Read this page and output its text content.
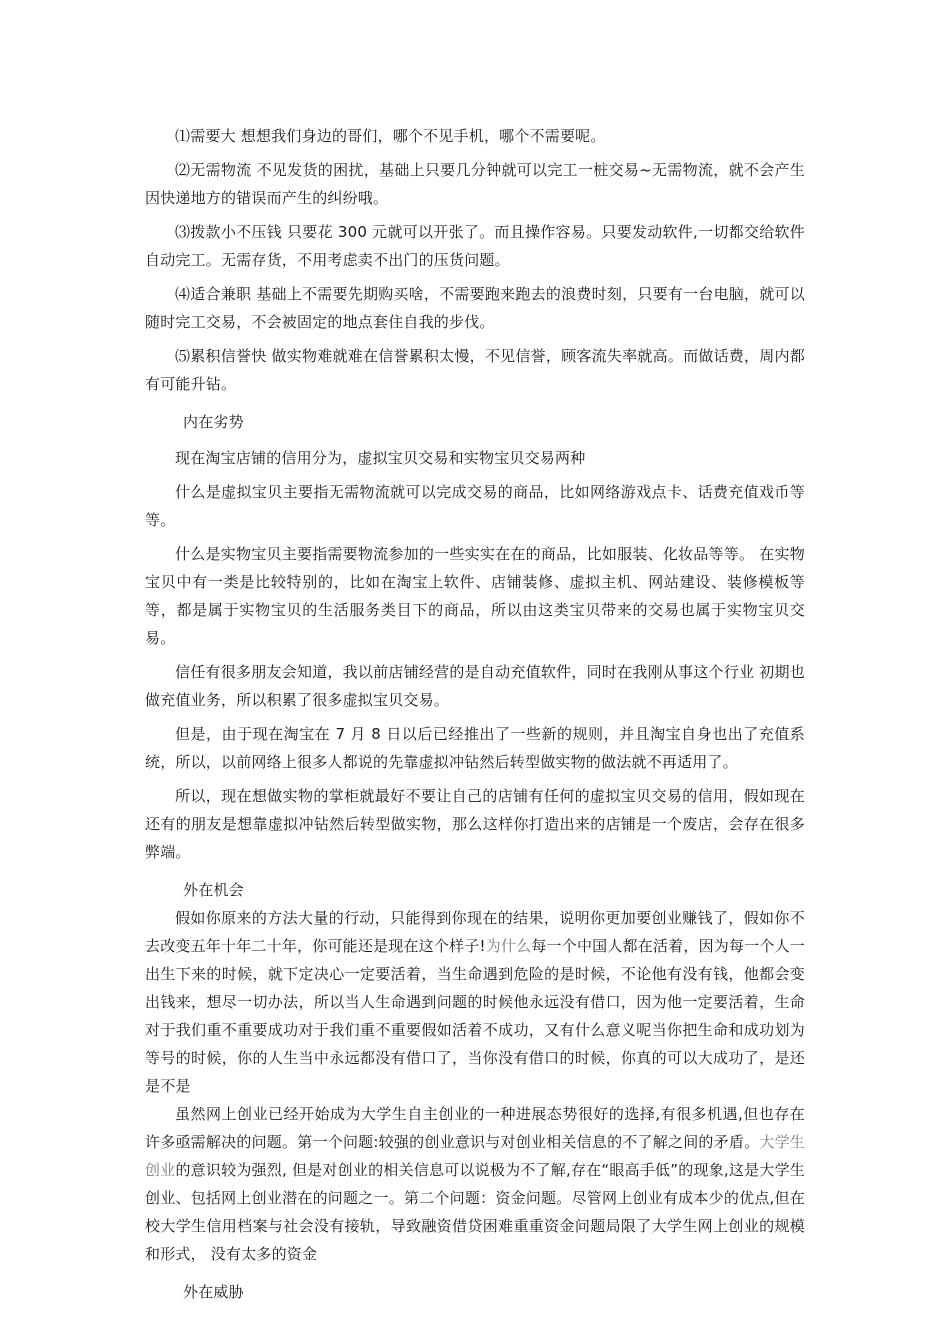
⑴需要大 想想我们身边的哥们，哪个不见手机，哪个不需要呢。

⑵无需物流 不见发货的困扰，基础上只要几分钟就可以完工一桩交易~无需物流，就不会产生因快递地方的错误而产生的纠纷哦。

⑶拨款小不压钱 只要花 300 元就可以开张了。而且操作容易。只要发动软件,一切都交给软件自动完工。无需存货，不用考虑卖不出门的压货问题。

⑷适合兼职 基础上不需要先期购买啥，不需要跑来跑去的浪费时刻，只要有一台电脑，就可以随时完工交易，不会被固定的地点套住自我的步伐。

⑸累积信誉快 做实物难就难在信誉累积太慢，不见信誉，顾客流失率就高。而做话费，周内都有可能升钻。

内在劣势

现在淘宝店铺的信用分为，虚拟宝贝交易和实物宝贝交易两种

什么是虚拟宝贝主要指无需物流就可以完成交易的商品，比如网络游戏点卡、话费充值戏币等等。

什么是实物宝贝主要指需要物流参加的一些实实在在的商品，比如服装、化妆品等等。 在实物宝贝中有一类是比较特别的，比如在淘宝上软件、店铺装修、虚拟主机、网站建设、装修模板等等，都是属于实物宝贝的生活服务类目下的商品，所以由这类宝贝带来的交易也属于实物宝贝交易。

信任有很多朋友会知道，我以前店铺经营的是自动充值软件，同时在我刚从事这个行业 初期也做充值业务，所以积累了很多虚拟宝贝交易。

但是，由于现在淘宝在 7 月 8 日以后已经推出了一些新的规则，并且淘宝自身也出了充值系统，所以，以前网络上很多人都说的先靠虚拟冲钻然后转型做实物的做法就不再适用了。

所以，现在想做实物的掌柜就最好不要让自己的店铺有任何的虚拟宝贝交易的信用，假如现在还有的朋友是想靠虚拟冲钻然后转型做实物，那么这样你打造出来的店铺是一个废店，会存在很多弊端。

外在机会

假如你原来的方法大量的行动，只能得到你现在的结果，说明你更加要创业赚钱了，假如你不去改变五年十年二十年，你可能还是现在这个样子!为什么每一个中国人都在活着，因为每一个人一出生下来的时候，就下定决心一定要活着，当生命遇到危险的是时候，不论他有没有钱，他都会变出钱来，想尽一切办法，所以当人生命遇到问题的时候他永远没有借口，因为他一定要活着，生命对于我们重不重要成功对于我们重不重要假如活着不成功，又有什么意义呢当你把生命和成功划为等号的时候，你的人生当中永远都没有借口了，当你没有借口的时候，你真的可以大成功了，是还是不是

虽然网上创业已经开始成为大学生自主创业的一种进展态势很好的选择,有很多机遇,但也存在许多亟需解决的问题。第一个问题:较强的创业意识与对创业相关信息的不了解之间的矛盾。大学生创业的意识较为强烈, 但是对创业的相关信息可以说极为不了解,存在“眼高手低”的现象,这是大学生创业、包括网上创业潜在的问题之一。第二个问题：资金问题。尽管网上创业有成本少的优点,但在校大学生信用档案与社会没有接轨，导致融资借贷困难重重资金问题局限了大学生网上创业的规模和形式， 没有太多的资金

外在威胁
